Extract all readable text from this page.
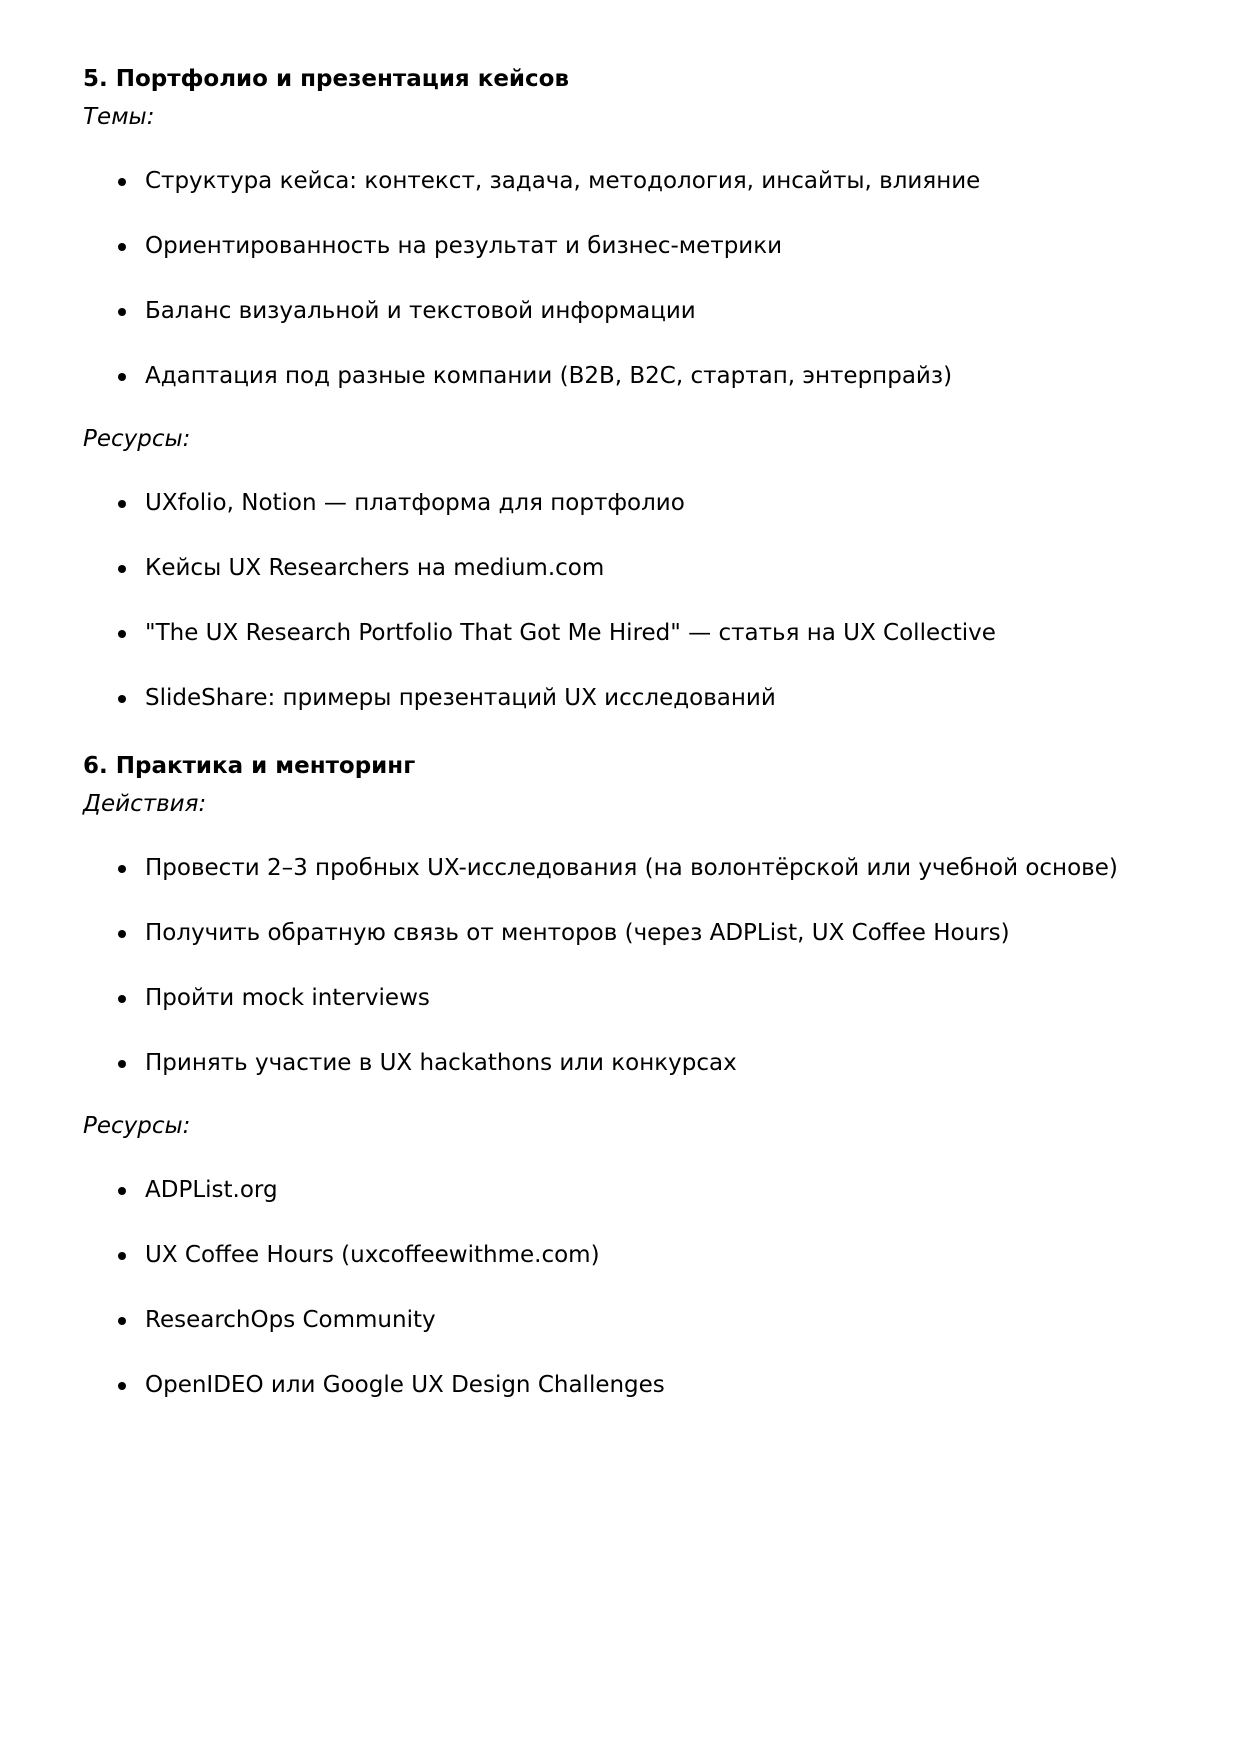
5. Портфолио и презентация кейсов
Темы:
Структура кейса: контекст, задача, методология, инсайты, влияние
Ориентированность на результат и бизнес-метрики
Баланс визуальной и текстовой информации
Адаптация под разные компании (B2B, B2C, стартап, энтерпрайз)
Ресурсы:
UXfolio, Notion — платформа для портфолио
Кейсы UX Researchers на medium.com
"The UX Research Portfolio That Got Me Hired" — статья на UX Collective
SlideShare: примеры презентаций UX исследований
6. Практика и менторинг
Действия:
Провести 2–3 пробных UX-исследования (на волонтёрской или учебной основе)
Получить обратную связь от менторов (через ADPList, UX Coffee Hours)
Пройти mock interviews
Принять участие в UX hackathons или конкурсах
Ресурсы:
ADPList.org
UX Coffee Hours (uxcoffeewithme.com)
ResearchOps Community
OpenIDEO или Google UX Design Challenges
